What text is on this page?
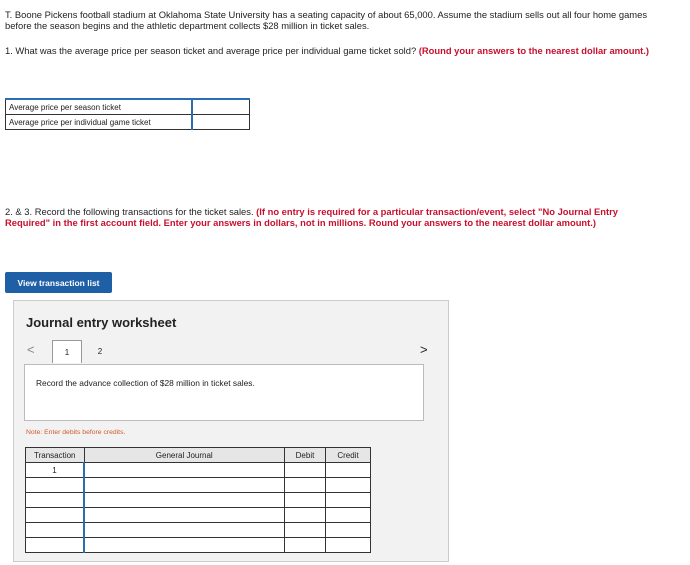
T. Boone Pickens football stadium at Oklahoma State University has a seating capacity of about 65,000. Assume the stadium sells out all four home games before the season begins and the athletic department collects $28 million in ticket sales.
1. What was the average price per season ticket and average price per individual game ticket sold? (Round your answers to the nearest dollar amount.)
Average price per season ticket	
Average price per individual game ticket	
2. & 3. Record the following transactions for the ticket sales. (If no entry is required for a particular transaction/event, select "No Journal Entry Required" in the first account field. Enter your answers in dollars, not in millions. Round your answers to the nearest dollar amount.)
View transaction list
Journal entry worksheet
<	1	2	>
Record the advance collection of $28 million in ticket sales.
Note: Enter debits before credits.
Transaction	General Journal	Debit	Credit
1			
